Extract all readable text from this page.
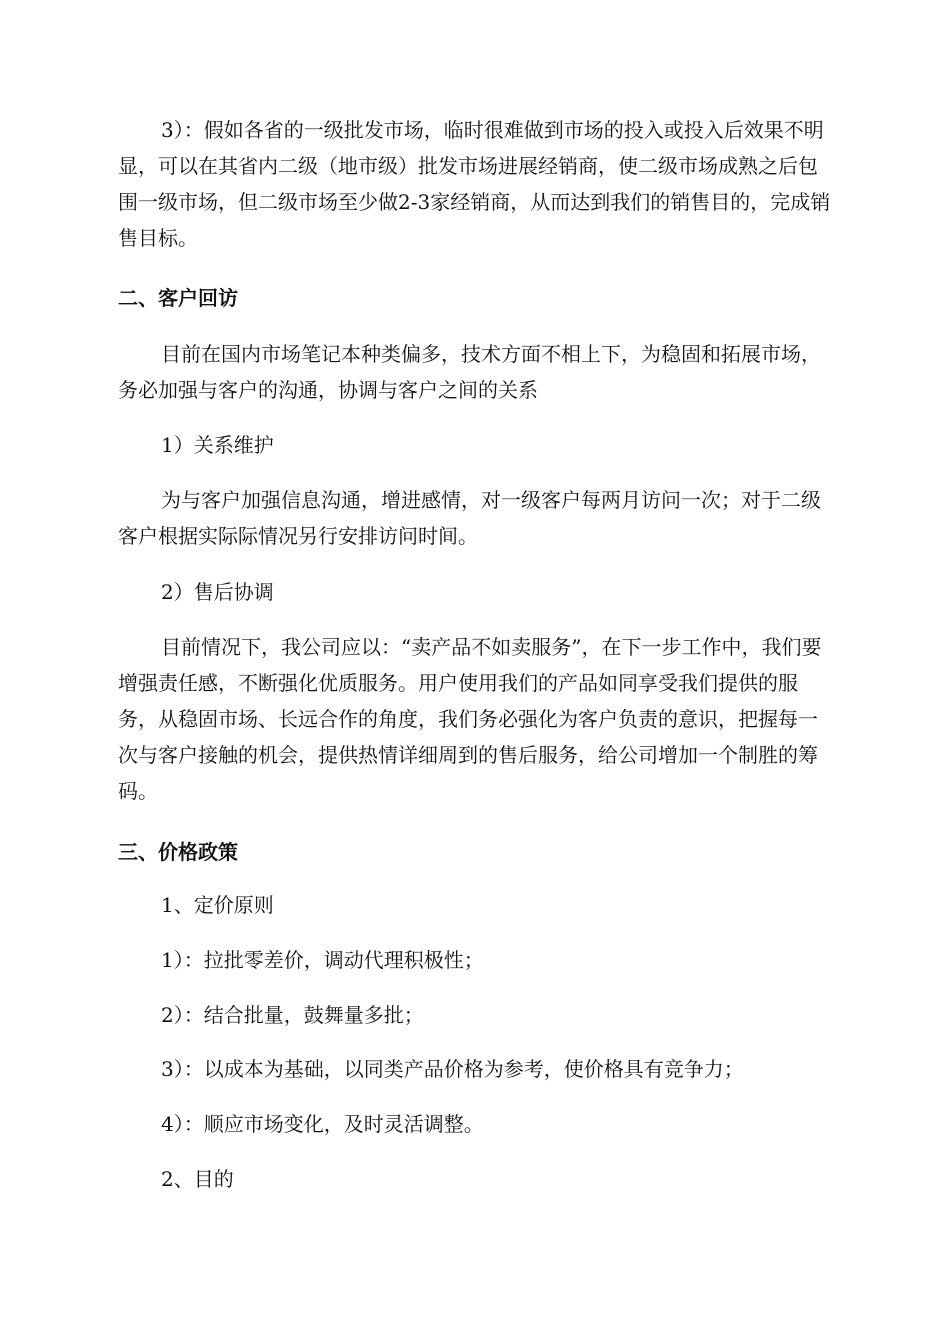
3）：假如各省的一级批发市场，临时很难做到市场的投入或投入后效果不明显，可以在其省内二级（地市级）批发市场进展经销商，使二级市场成熟之后包围一级市场，但二级市场至少做2-3家经销商，从而达到我们的销售目的，完成销售目标。

二、客户回访

目前在国内市场笔记本种类偏多，技术方面不相上下，为稳固和拓展市场，务必加强与客户的沟通，协调与客户之间的关系

1）关系维护

为与客户加强信息沟通，增进感情，对一级客户每两月访问一次；对于二级客户根据实际际情况另行安排访问时间。

2）售后协调

目前情况下，我公司应以：“卖产品不如卖服务”，在下一步工作中，我们要增强责任感，不断强化优质服务。用户使用我们的产品如同享受我们提供的服务，从稳固市场、长远合作的角度，我们务必强化为客户负责的意识，把握每一次与客户接触的机会，提供热情详细周到的售后服务，给公司增加一个制胜的筹码。

三、价格政策

1、定价原则

1）：拉批零差价，调动代理积极性；

2）：结合批量，鼓舞量多批；

3）：以成本为基础，以同类产品价格为参考，使价格具有竞争力；

4）：顺应市场变化，及时灵活调整。

2、目的
